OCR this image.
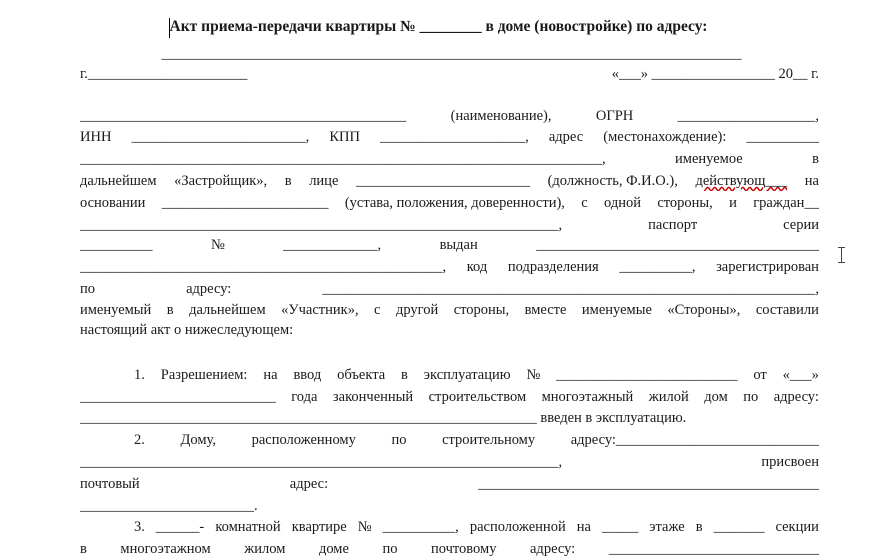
Акт приема-передачи квартиры № ________ в доме (новостройке) по адресу:
________________________________________________________________________________
г.______________________	«___» _________________ 20__ г.
_____________________________________________	(наименование),	ОГРН	___________________,
ИНН ________________________, КПП ____________________, адрес (местонахождение): __________
________________________________________________________________________,	именуемое	в
дальнейшем «Застройщик», в лице ________________________ (должность, Ф.И.О.), действующ___ на
основании _______________________ (устава, положения, доверенности), с одной стороны, и граждан__
__________________________________________________________________,	паспорт	серии
__________	№	_____________,	выдан	_______________________________________
__________________________________________________, код подразделения __________, зарегистрирован
по	адресу:	____________________________________________________________________,
именуемый в дальнейшем «Участник», с другой стороны, вместе именуемые «Стороны», составили
настоящий акт о нижеследующем:
1. Разрешением: на ввод объекта в эксплуатацию № _________________________ от «___»
___________________________ года законченный строительством многоэтажный жилой дом по адресу:
_______________________________________________________________ введен в эксплуатацию.
2. Дому, расположенному по строительному адресу:____________________________
__________________________________________________________________,	присвоен
почтовый	адрес:	_______________________________________________
________________________.
3. ______- комнатной квартире № __________, расположенной на _____ этаже в _______ секции
в многоэтажном жилом доме по почтовому адресу: _____________________________
